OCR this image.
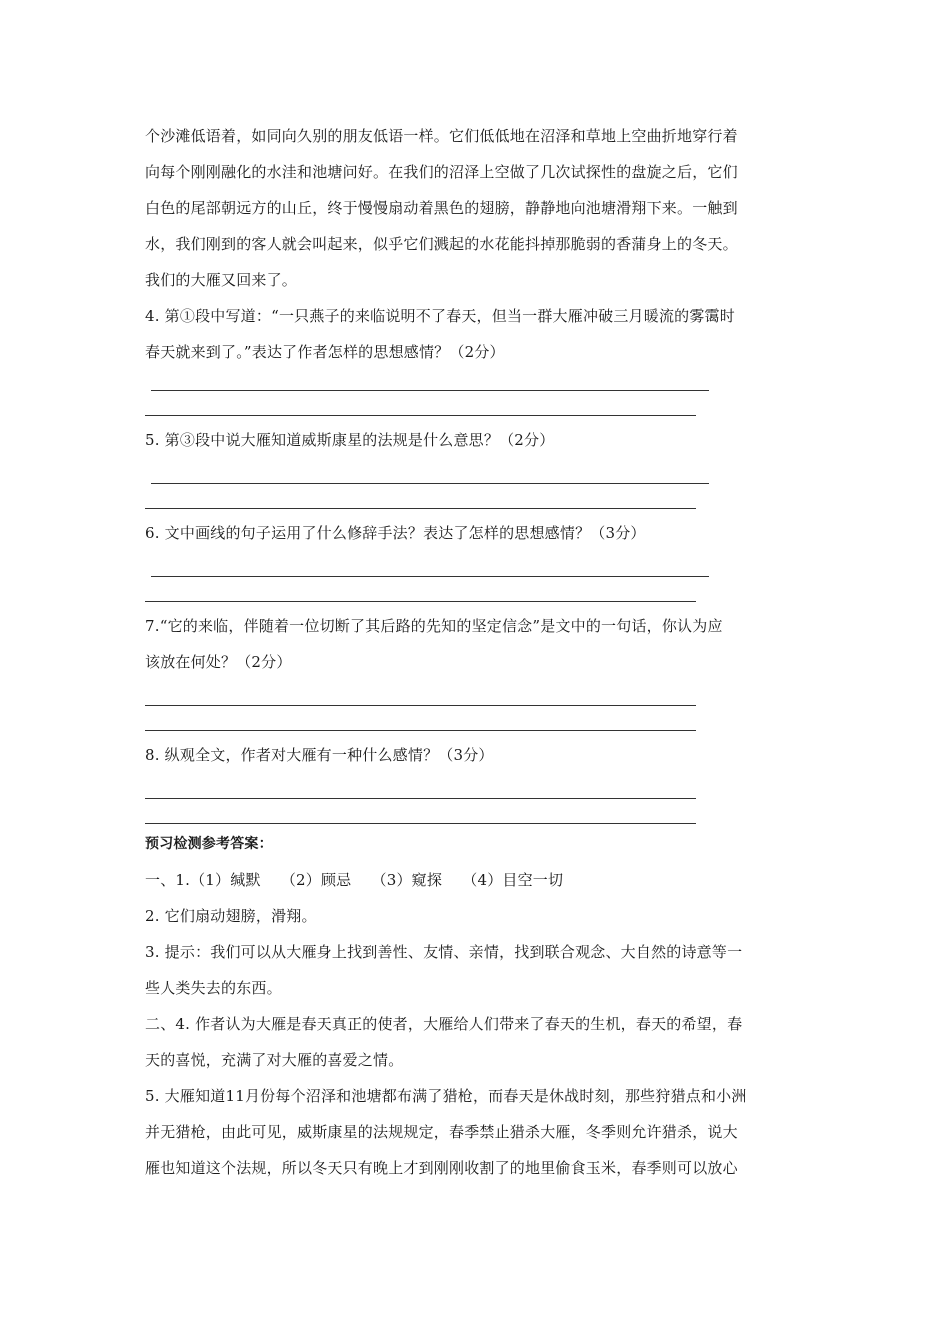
个沙滩低语着，如同向久别的朋友低语一样。它们低低地在沼泽和草地上空曲折地穿行着
向每个刚刚融化的水洼和池塘问好。在我们的沼泽上空做了几次试探性的盘旋之后，它们
白色的尾部朝远方的山丘，终于慢慢扇动着黑色的翅膀，静静地向池塘滑翔下来。一触到
水，我们刚到的客人就会叫起来，似乎它们溅起的水花能抖掉那脆弱的香蒲身上的冬天。
我们的大雁又回来了。
4. 第①段中写道：“一只燕子的来临说明不了春天，但当一群大雁冲破三月暖流的雾霭时
春天就来到了。”表达了作者怎样的思想感情？（2分）
5. 第③段中说大雁知道威斯康星的法规是什么意思？（2分）
6. 文中画线的句子运用了什么修辞手法？表达了怎样的思想感情？（3分）
7.“它的来临，伴随着一位切断了其后路的先知的坚定信念”是文中的一句话，你认为应
该放在何处？（2分）
8. 纵观全文，作者对大雁有一种什么感情？（3分）
预习检测参考答案：
一、1.（1）缄默　 （2）顾忌　 （3）窥探　 （4）目空一切
2. 它们扇动翅膀，滑翔。
3. 提示：我们可以从大雁身上找到善性、友情、亲情，找到联合观念、大自然的诗意等一
些人类失去的东西。
二、4. 作者认为大雁是春天真正的使者，大雁给人们带来了春天的生机，春天的希望，春
天的喜悦，充满了对大雁的喜爱之情。
5. 大雁知道11月份每个沼泽和池塘都布满了猎枪，而春天是休战时刻，那些狩猎点和小洲
并无猎枪，由此可见，威斯康星的法规规定，春季禁止猎杀大雁，冬季则允许猎杀，说大
雁也知道这个法规，所以冬天只有晚上才到刚刚收割了的地里偷食玉米，春季则可以放心
